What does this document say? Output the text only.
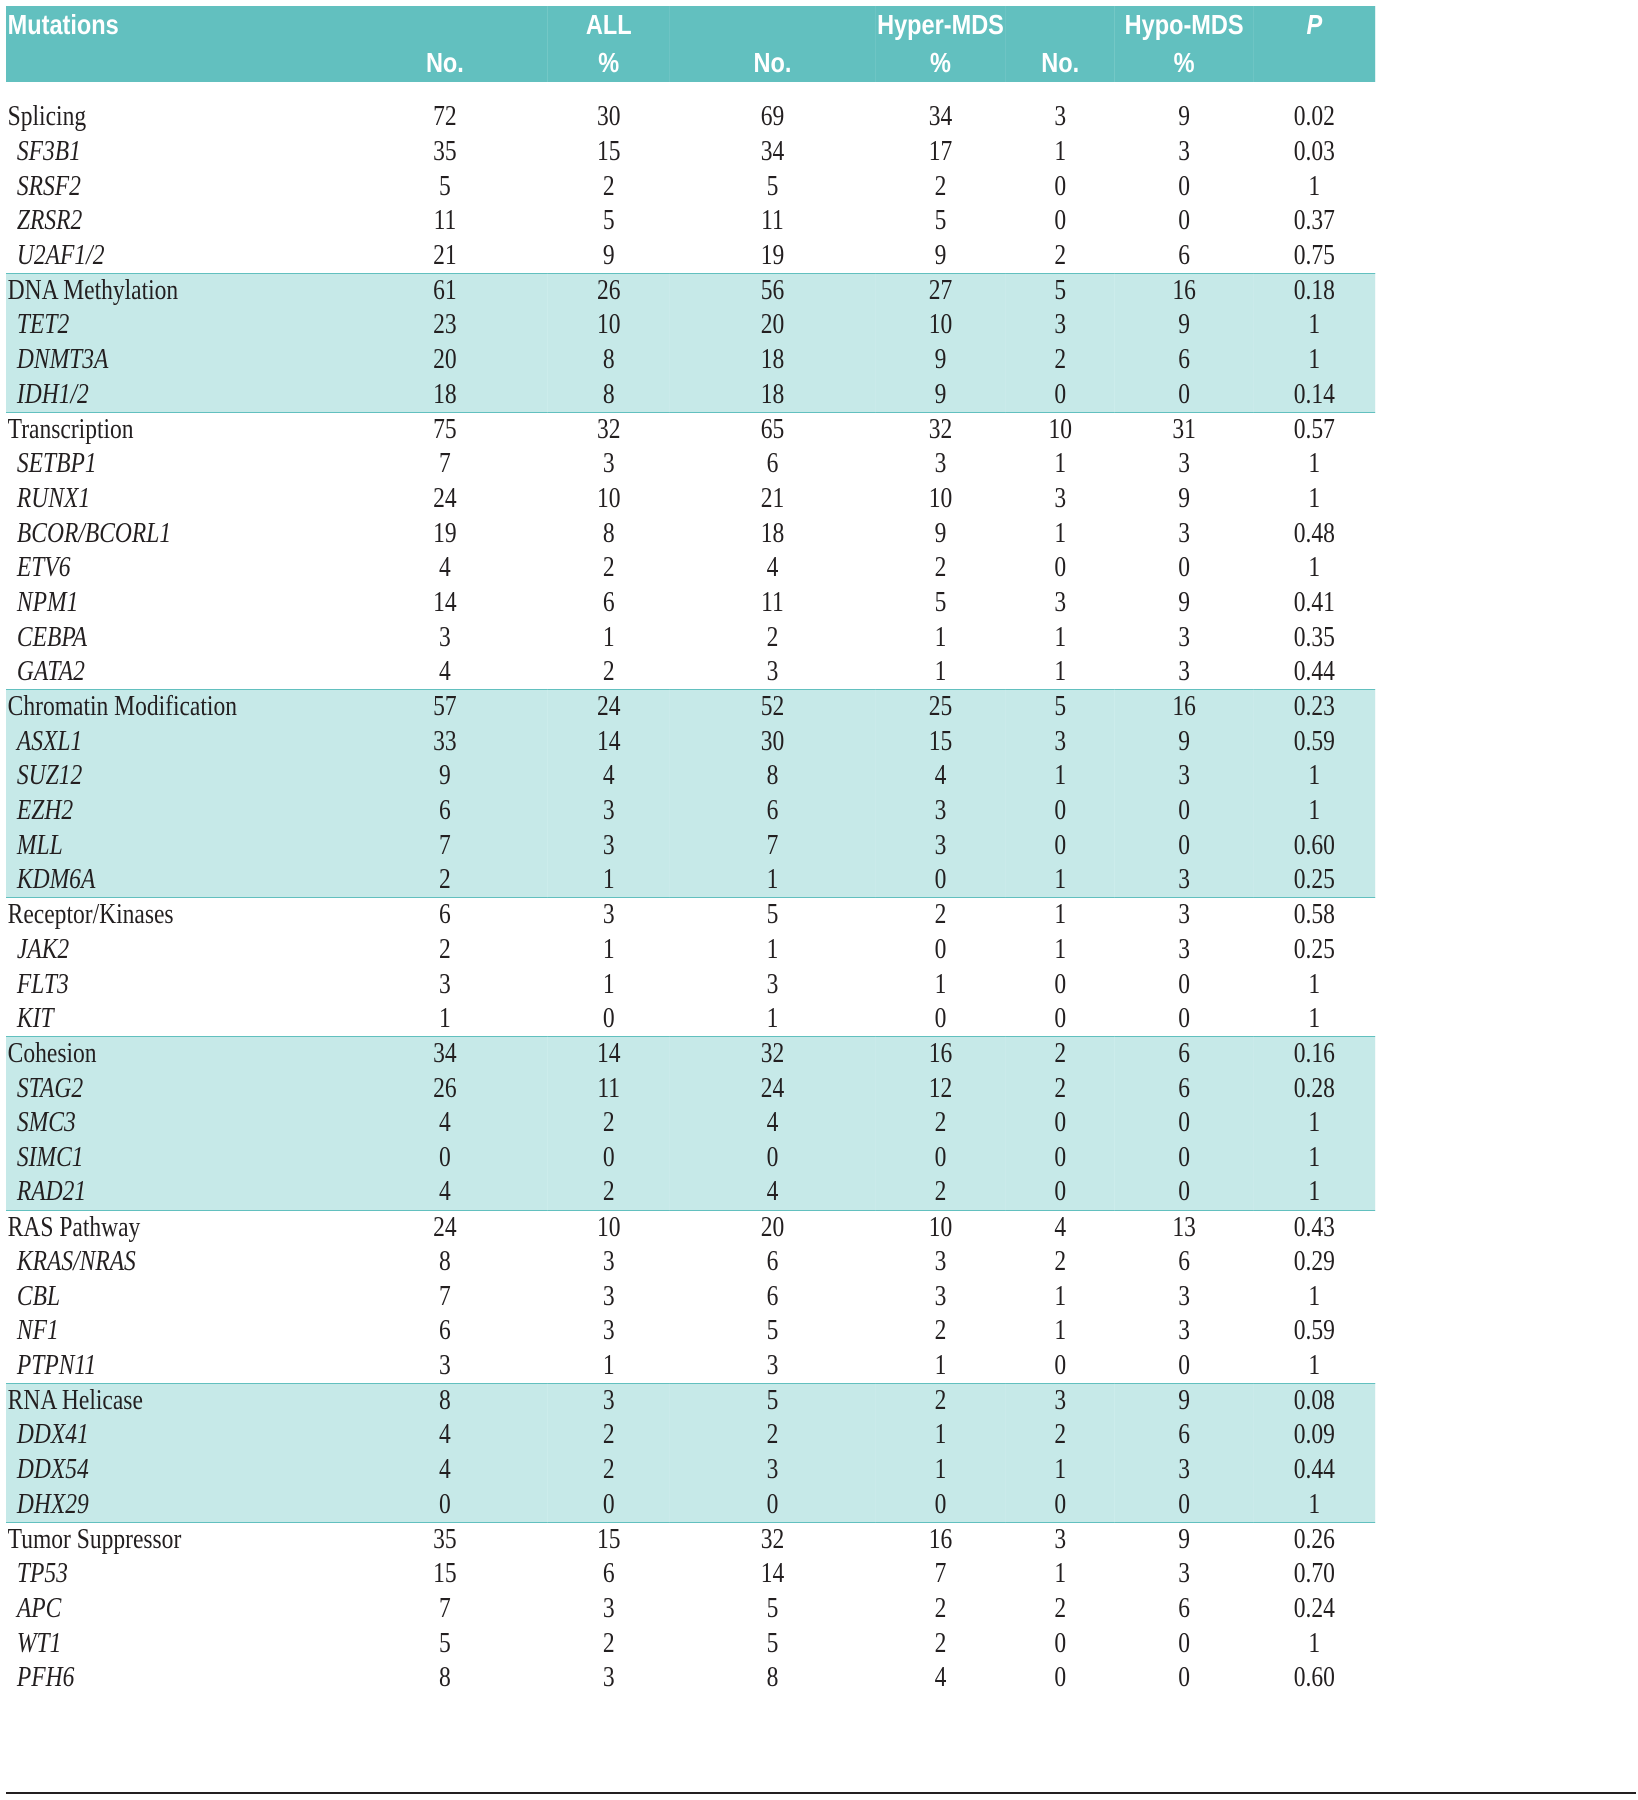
Mutations		ALL		Hyper-MDS		Hypo-MDS	P
	No.	%	No.	%	No.	%	

Splicing	72	30	69	34	3	9	0.02
SF3B1	35	15	34	17	1	3	0.03
SRSF2	5	2	5	2	0	0	1
ZRSR2	11	5	11	5	0	0	0.37
U2AF1/2	21	9	19	9	2	6	0.75
DNA Methylation	61	26	56	27	5	16	0.18
TET2	23	10	20	10	3	9	1
DNMT3A	20	8	18	9	2	6	1
IDH1/2	18	8	18	9	0	0	0.14
Transcription	75	32	65	32	10	31	0.57
SETBP1	7	3	6	3	1	3	1
RUNX1	24	10	21	10	3	9	1
BCOR/BCORL1	19	8	18	9	1	3	0.48
ETV6	4	2	4	2	0	0	1
NPM1	14	6	11	5	3	9	0.41
CEBPA	3	1	2	1	1	3	0.35
GATA2	4	2	3	1	1	3	0.44
Chromatin Modification	57	24	52	25	5	16	0.23
ASXL1	33	14	30	15	3	9	0.59
SUZ12	9	4	8	4	1	3	1
EZH2	6	3	6	3	0	0	1
MLL	7	3	7	3	0	0	0.60
KDM6A	2	1	1	0	1	3	0.25
Receptor/Kinases	6	3	5	2	1	3	0.58
JAK2	2	1	1	0	1	3	0.25
FLT3	3	1	3	1	0	0	1
KIT	1	0	1	0	0	0	1
Cohesion	34	14	32	16	2	6	0.16
STAG2	26	11	24	12	2	6	0.28
SMC3	4	2	4	2	0	0	1
SIMC1	0	0	0	0	0	0	1
RAD21	4	2	4	2	0	0	1
RAS Pathway	24	10	20	10	4	13	0.43
KRAS/NRAS	8	3	6	3	2	6	0.29
CBL	7	3	6	3	1	3	1
NF1	6	3	5	2	1	3	0.59
PTPN11	3	1	3	1	0	0	1
RNA Helicase	8	3	5	2	3	9	0.08
DDX41	4	2	2	1	2	6	0.09
DDX54	4	2	3	1	1	3	0.44
DHX29	0	0	0	0	0	0	1
Tumor Suppressor	35	15	32	16	3	9	0.26
TP53	15	6	14	7	1	3	0.70
APC	7	3	5	2	2	6	0.24
WT1	5	2	5	2	0	0	1
PFH6	8	3	8	4	0	0	0.60
